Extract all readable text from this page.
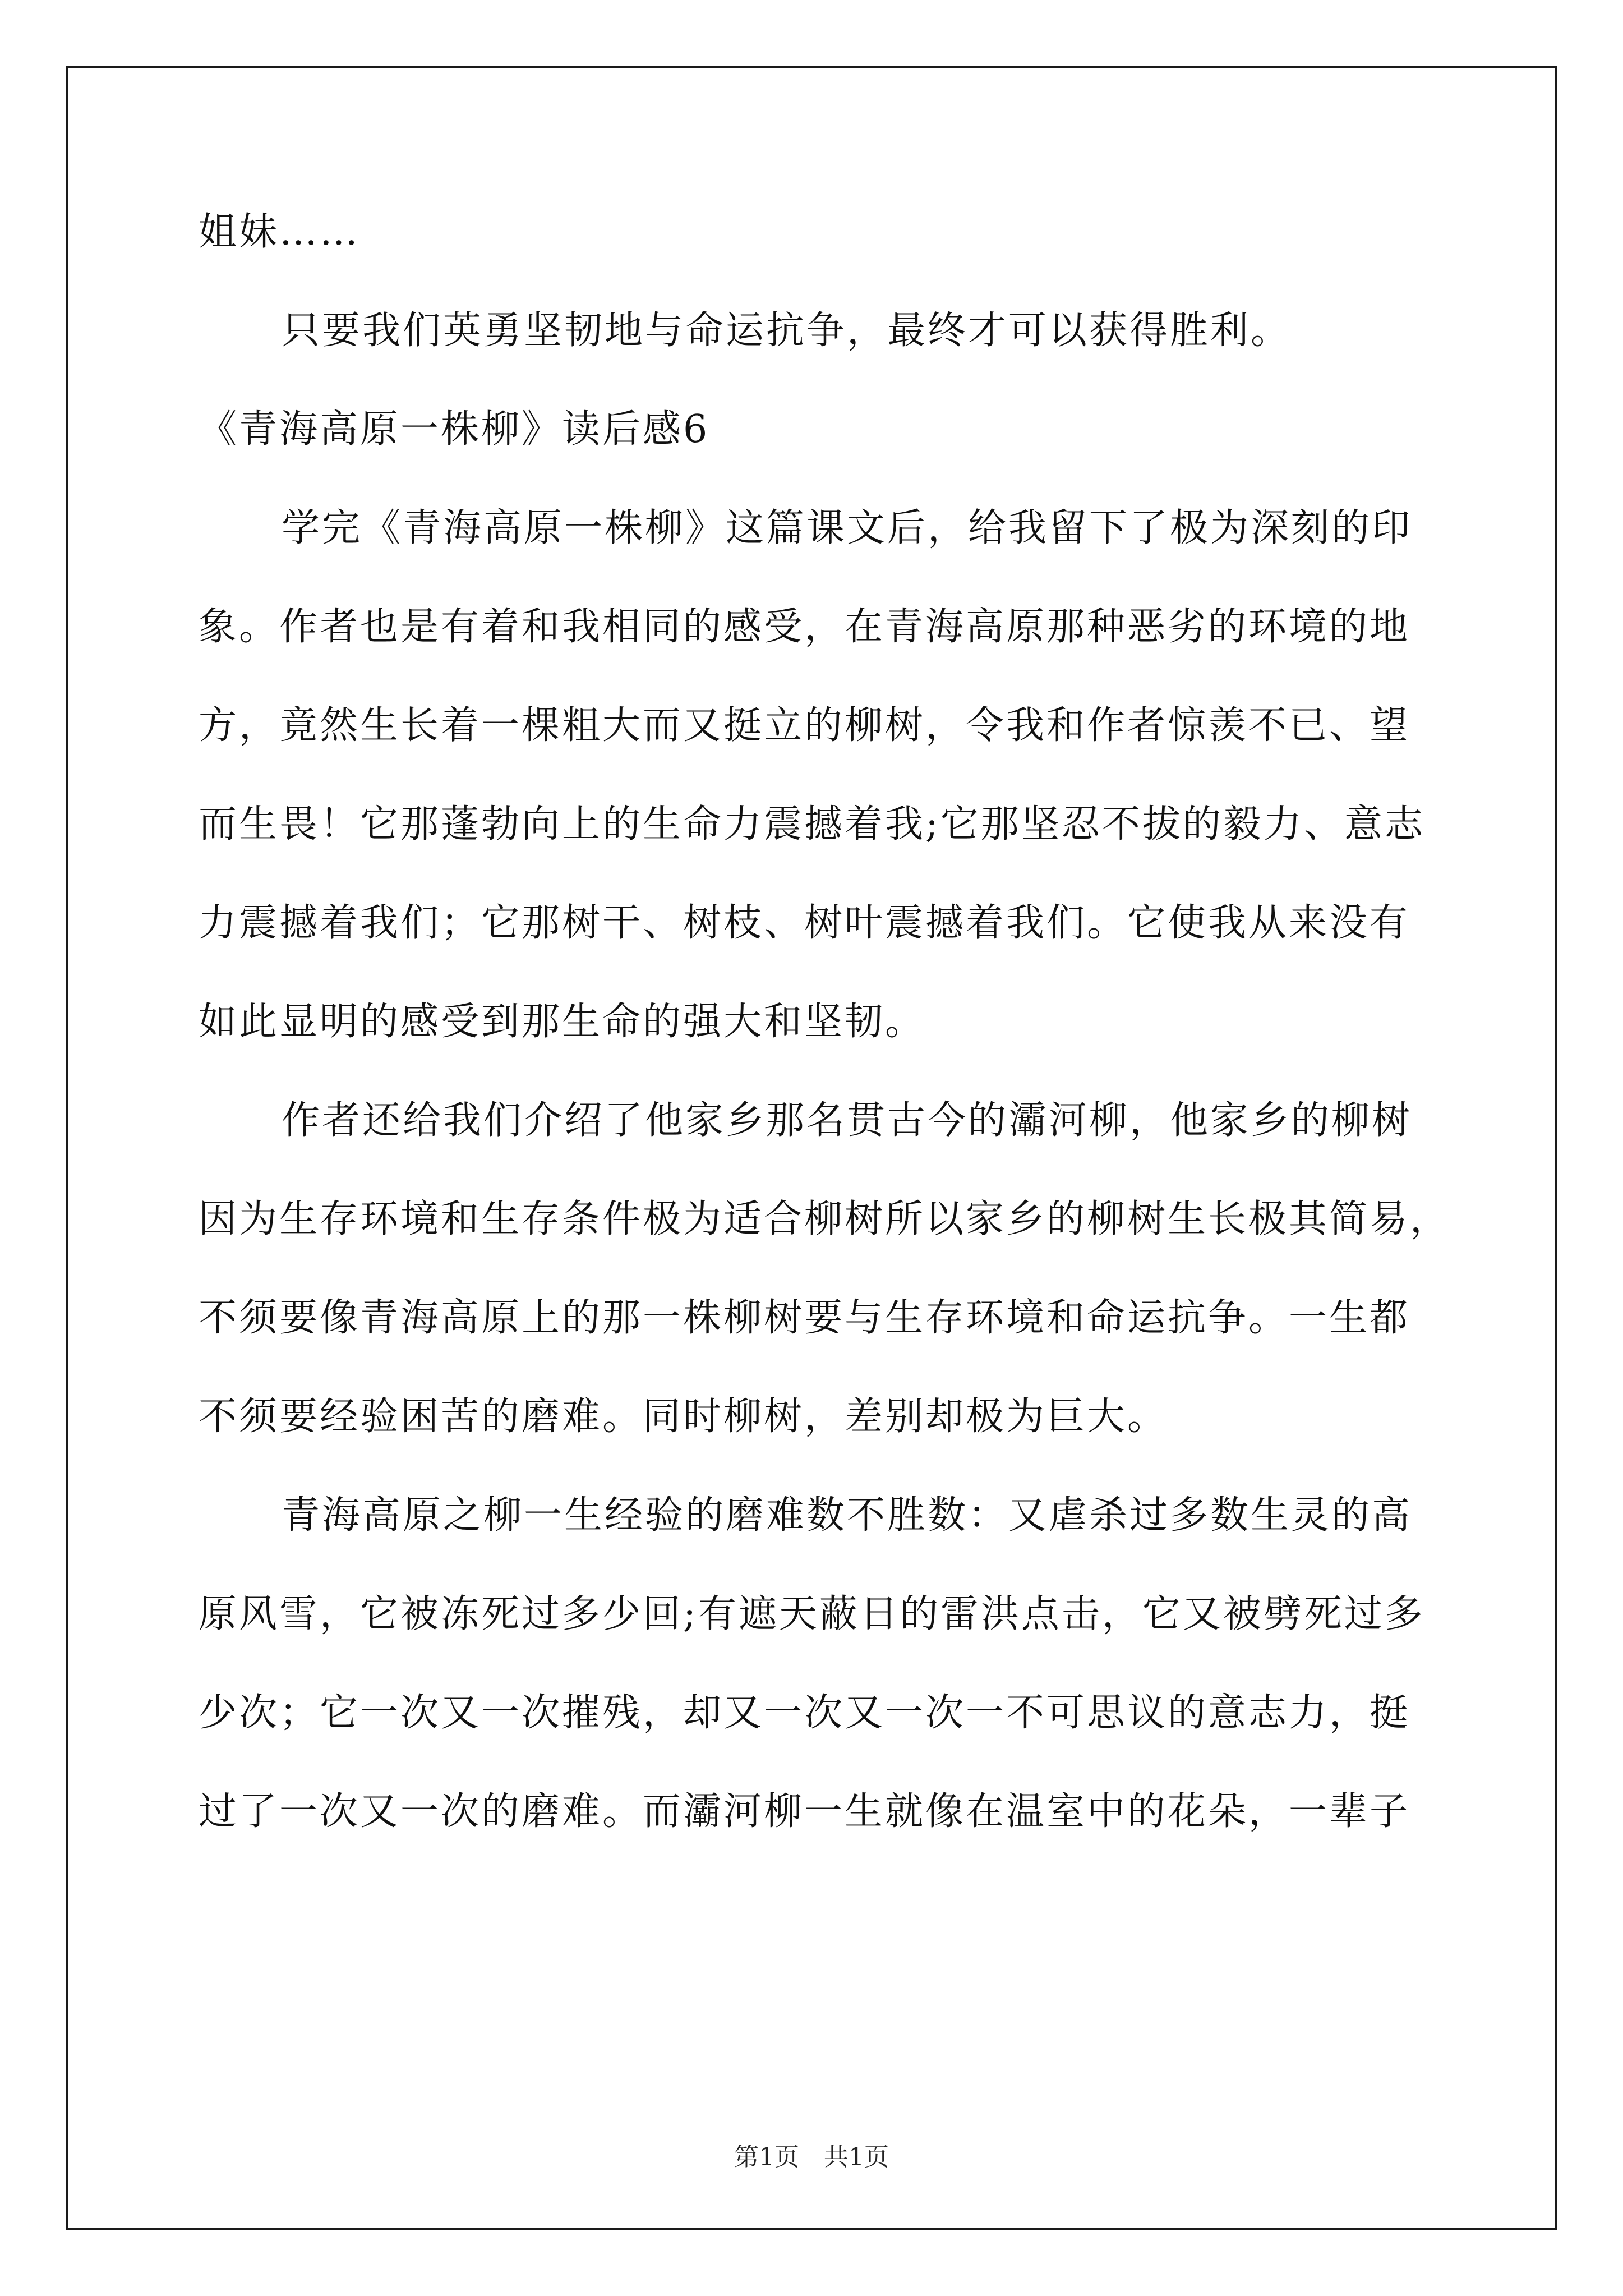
姐妹……
只要我们英勇坚韧地与命运抗争，最终才可以获得胜利。
《青海高原一株柳》读后感6
学完《青海高原一株柳》这篇课文后，给我留下了极为深刻的印
象。作者也是有着和我相同的感受，在青海高原那种恶劣的环境的地
方，竟然生长着一棵粗大而又挺立的柳树，令我和作者惊羡不已、望
而生畏！它那蓬勃向上的生命力震撼着我;它那坚忍不拔的毅力、意志
力震撼着我们；它那树干、树枝、树叶震撼着我们。它使我从来没有
如此显明的感受到那生命的强大和坚韧。
作者还给我们介绍了他家乡那名贯古今的灞河柳，他家乡的柳树
因为生存环境和生存条件极为适合柳树所以家乡的柳树生长极其简易，
不须要像青海高原上的那一株柳树要与生存环境和命运抗争。一生都
不须要经验困苦的磨难。同时柳树，差别却极为巨大。
青海高原之柳一生经验的磨难数不胜数：又虐杀过多数生灵的高
原风雪，它被冻死过多少回;有遮天蔽日的雷洪点击，它又被劈死过多
少次；它一次又一次摧残，却又一次又一次一不可思议的意志力，挺
过了一次又一次的磨难。而灞河柳一生就像在温室中的花朵，一辈子
第1页　共1页
